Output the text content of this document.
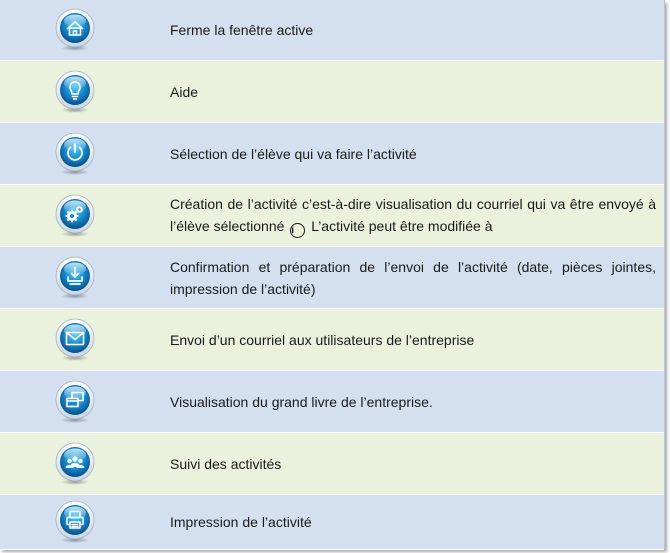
Ferme la fenêtre active
Aide
Sélection de l’élève qui va faire l’activité
Création de l’activité c’est-à-dire visualisation du courriel qui va être envoyé à l’élève sélectionné i L’activité peut être modifiée à
Confirmation et préparation de l’envoi de l’activité (date, pièces jointes, impression de l’activité)
Envoi d’un courriel aux utilisateurs de l’entreprise
Visualisation du grand livre de l’entreprise.
Suivi des activités
Impression de l’activité
